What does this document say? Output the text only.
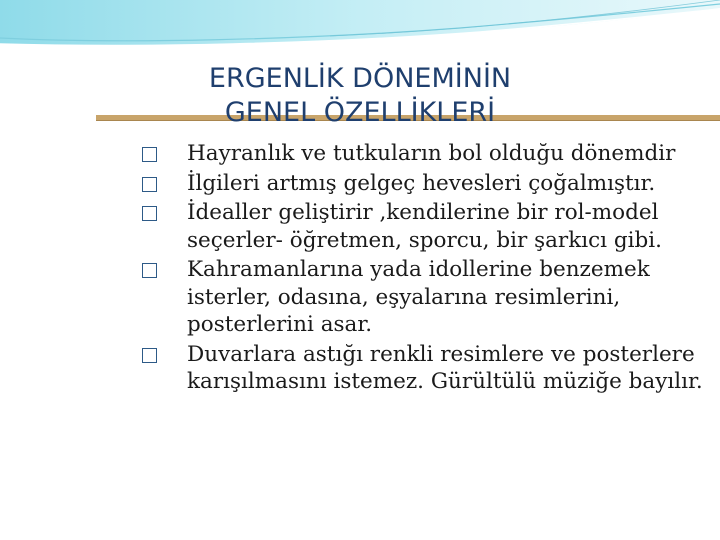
ERGENLİK DÖNEMİNİN
GENEL ÖZELLİKLERİ
Hayranlık ve tutkuların bol olduğu dönemdir
İlgileri artmış gelgeç hevesleri çoğalmıştır.
İdealler geliştirir ,kendilerine bir rol-model seçerler- öğretmen, sporcu, bir şarkıcı gibi.
Kahramanlarına yada idollerine benzemek isterler, odasına, eşyalarına resimlerini, posterlerini asar.
Duvarlara astığı renkli resimlere ve posterlere karışılmasını istemez. Gürültülü müziğe bayılır.
